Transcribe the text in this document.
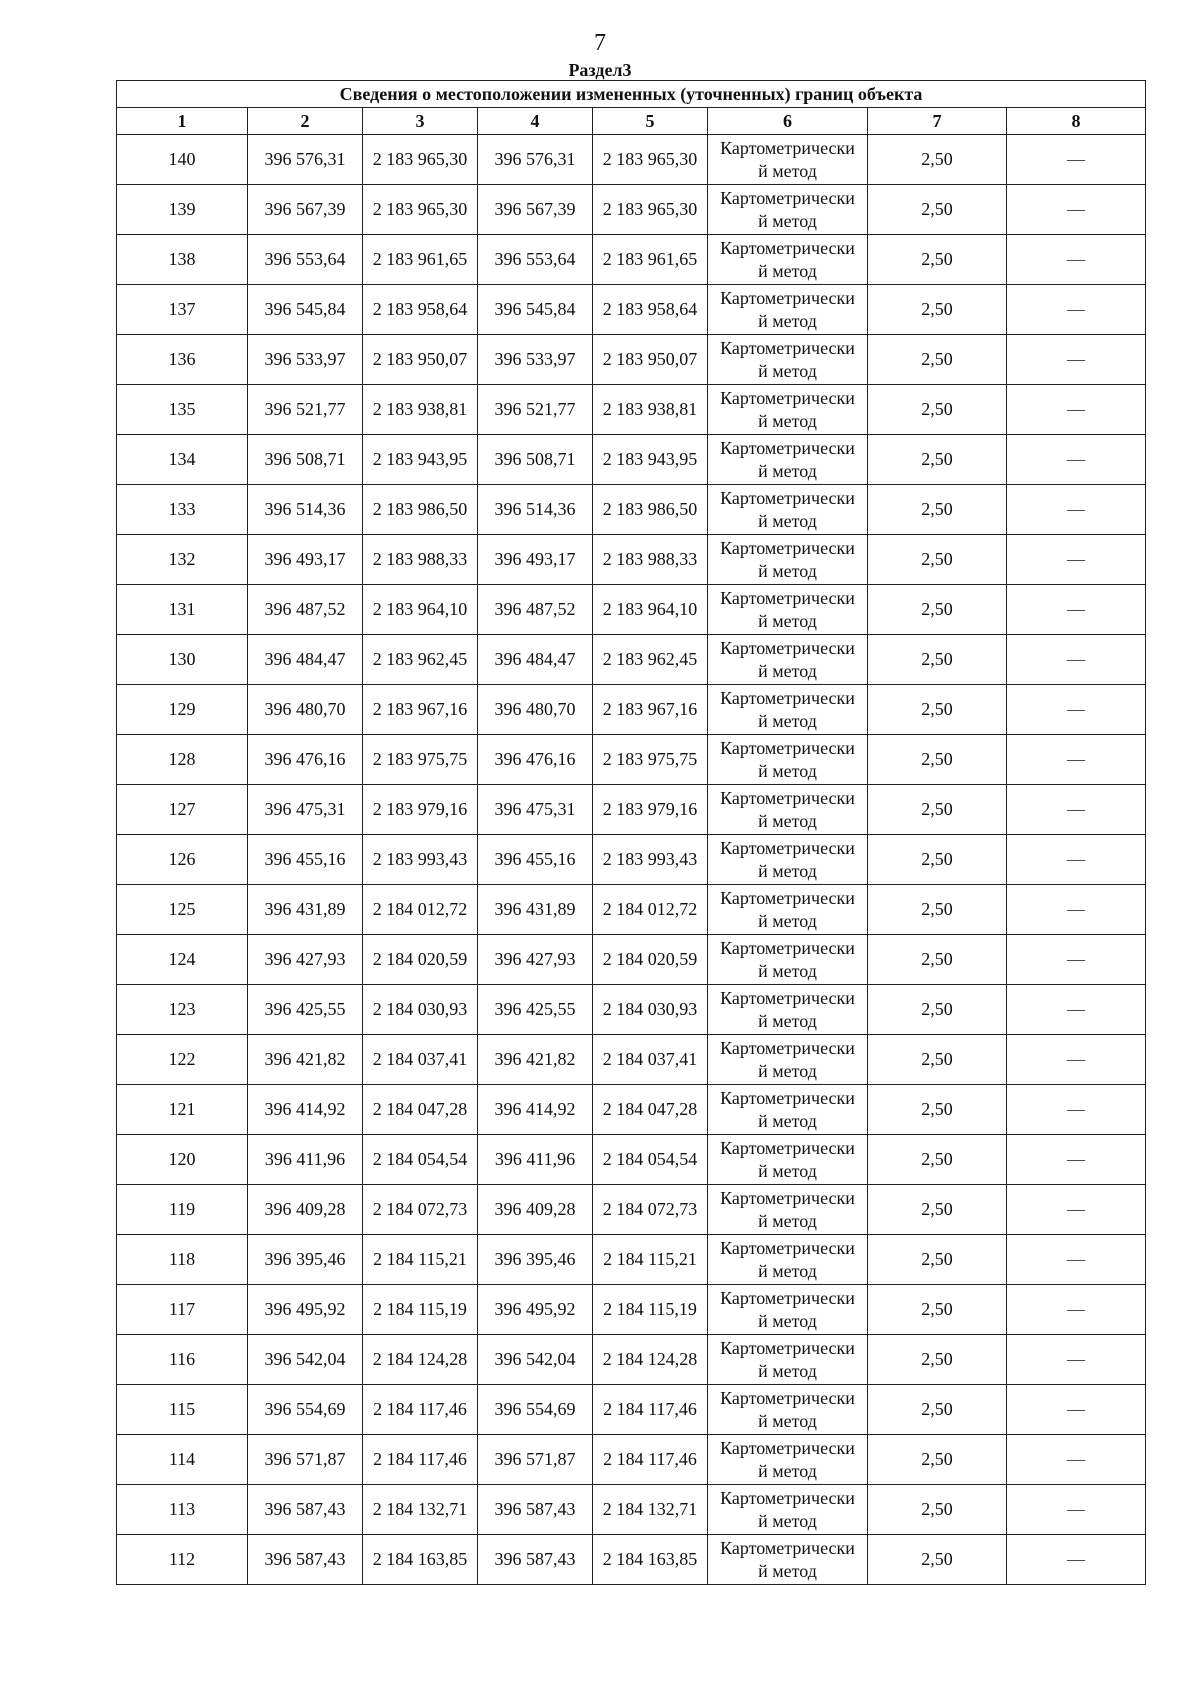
7
Раздел3
Сведения о местоположении измененных (уточненных) границ объекта							
1	2	3	4	5	6	7	8
140	396 576,31	2 183 965,30	396 576,31	2 183 965,30	Картометрически
й метод	2,50	—
139	396 567,39	2 183 965,30	396 567,39	2 183 965,30	Картометрически
й метод	2,50	—
138	396 553,64	2 183 961,65	396 553,64	2 183 961,65	Картометрически
й метод	2,50	—
137	396 545,84	2 183 958,64	396 545,84	2 183 958,64	Картометрически
й метод	2,50	—
136	396 533,97	2 183 950,07	396 533,97	2 183 950,07	Картометрически
й метод	2,50	—
135	396 521,77	2 183 938,81	396 521,77	2 183 938,81	Картометрически
й метод	2,50	—
134	396 508,71	2 183 943,95	396 508,71	2 183 943,95	Картометрически
й метод	2,50	—
133	396 514,36	2 183 986,50	396 514,36	2 183 986,50	Картометрически
й метод	2,50	—
132	396 493,17	2 183 988,33	396 493,17	2 183 988,33	Картометрически
й метод	2,50	—
131	396 487,52	2 183 964,10	396 487,52	2 183 964,10	Картометрически
й метод	2,50	—
130	396 484,47	2 183 962,45	396 484,47	2 183 962,45	Картометрически
й метод	2,50	—
129	396 480,70	2 183 967,16	396 480,70	2 183 967,16	Картометрически
й метод	2,50	—
128	396 476,16	2 183 975,75	396 476,16	2 183 975,75	Картометрически
й метод	2,50	—
127	396 475,31	2 183 979,16	396 475,31	2 183 979,16	Картометрически
й метод	2,50	—
126	396 455,16	2 183 993,43	396 455,16	2 183 993,43	Картометрически
й метод	2,50	—
125	396 431,89	2 184 012,72	396 431,89	2 184 012,72	Картометрически
й метод	2,50	—
124	396 427,93	2 184 020,59	396 427,93	2 184 020,59	Картометрически
й метод	2,50	—
123	396 425,55	2 184 030,93	396 425,55	2 184 030,93	Картометрически
й метод	2,50	—
122	396 421,82	2 184 037,41	396 421,82	2 184 037,41	Картометрически
й метод	2,50	—
121	396 414,92	2 184 047,28	396 414,92	2 184 047,28	Картометрически
й метод	2,50	—
120	396 411,96	2 184 054,54	396 411,96	2 184 054,54	Картометрически
й метод	2,50	—
119	396 409,28	2 184 072,73	396 409,28	2 184 072,73	Картометрически
й метод	2,50	—
118	396 395,46	2 184 115,21	396 395,46	2 184 115,21	Картометрически
й метод	2,50	—
117	396 495,92	2 184 115,19	396 495,92	2 184 115,19	Картометрически
й метод	2,50	—
116	396 542,04	2 184 124,28	396 542,04	2 184 124,28	Картометрически
й метод	2,50	—
115	396 554,69	2 184 117,46	396 554,69	2 184 117,46	Картометрически
й метод	2,50	—
114	396 571,87	2 184 117,46	396 571,87	2 184 117,46	Картометрически
й метод	2,50	—
113	396 587,43	2 184 132,71	396 587,43	2 184 132,71	Картометрически
й метод	2,50	—
112	396 587,43	2 184 163,85	396 587,43	2 184 163,85	Картометрически
й метод	2,50	—
